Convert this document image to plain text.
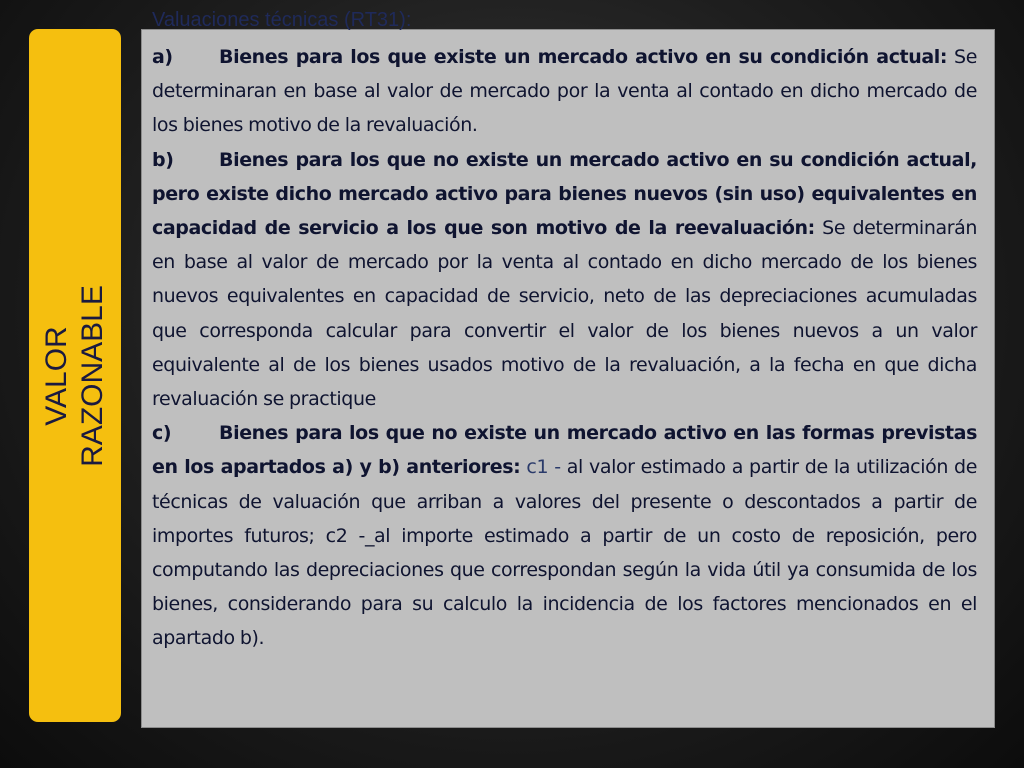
VALOR RAZONABLE
Valuaciones técnicas (RT31):

a) Bienes para los que existe un mercado activo en su condición actual: Se determinaran en base al valor de mercado por la venta al contado en dicho mercado de los bienes motivo de la revaluación.

b) Bienes para los que no existe un mercado activo en su condición actual, pero existe dicho mercado activo para bienes nuevos (sin uso) equivalentes en capacidad de servicio a los que son motivo de la reevaluación: Se determinarán en base al valor de mercado por la venta al contado en dicho mercado de los bienes nuevos equivalentes en capacidad de servicio, neto de las depreciaciones acumuladas que corresponda calcular para convertir el valor de los bienes nuevos a un valor equivalente al de los bienes usados motivo de la revaluación, a la fecha en que dicha revaluación se practique

c)	Bienes para los que no existe un mercado activo en las formas previstas en los apartados a) y b) anteriores: c1 - al valor estimado a partir de la utilización de técnicas de valuación que arriban a valores del presente o descontados a partir de importes futuros; c2 -_al importe estimado a partir de un costo de reposición, pero computando las depreciaciones que correspondan según la vida útil ya consumida de los bienes, considerando para su calculo la incidencia de los factores mencionados en el apartado b).
